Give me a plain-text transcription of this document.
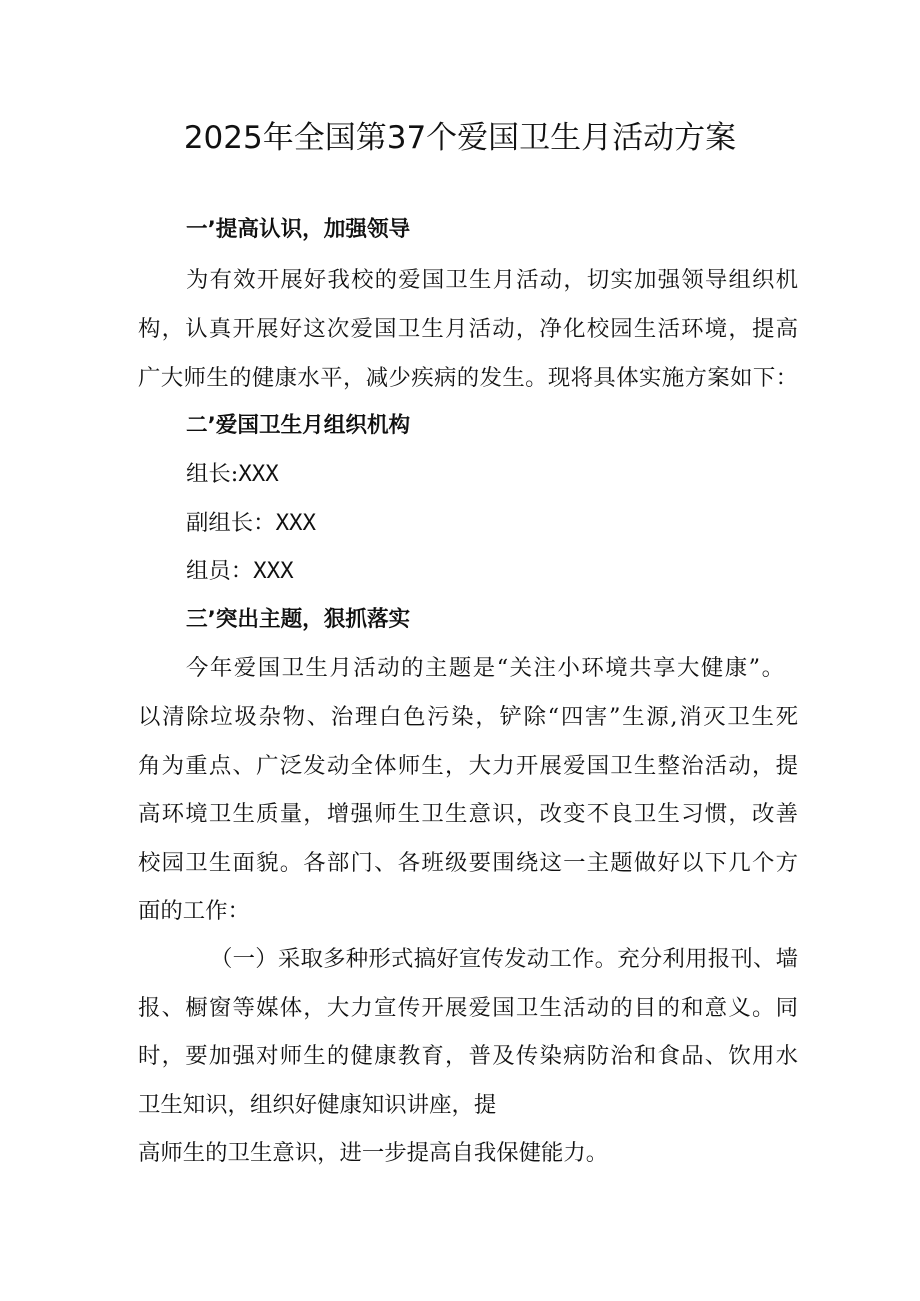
2025年全国第37个爱国卫生月活动方案
一’提高认识，加强领导
为有效开展好我校的爱国卫生月活动，切实加强领导组织机
构，认真开展好这次爱国卫生月活动，净化校园生活环境，提高
广大师生的健康水平，减少疾病的发生。现将具体实施方案如下：
二’爱国卫生月组织机构
组长:XXX
副组长：XXX
组员：XXX
三’突出主题，狠抓落实
今年爱国卫生月活动的主题是“关注小环境共享大健康”。
以清除垃圾杂物、治理白色污染，铲除“四害”生源,消灭卫生死
角为重点、广泛发动全体师生，大力开展爱国卫生整治活动，提
高环境卫生质量，增强师生卫生意识，改变不良卫生习惯，改善
校园卫生面貌。各部门、各班级要围绕这一主题做好以下几个方
面的工作：
（一）采取多种形式搞好宣传发动工作。充分利用报刊、墙
报、橱窗等媒体，大力宣传开展爱国卫生活动的目的和意义。同
时，要加强对师生的健康教育，普及传染病防治和食品、饮用水
卫生知识，组织好健康知识讲座，提
高师生的卫生意识，进一步提高自我保健能力。
